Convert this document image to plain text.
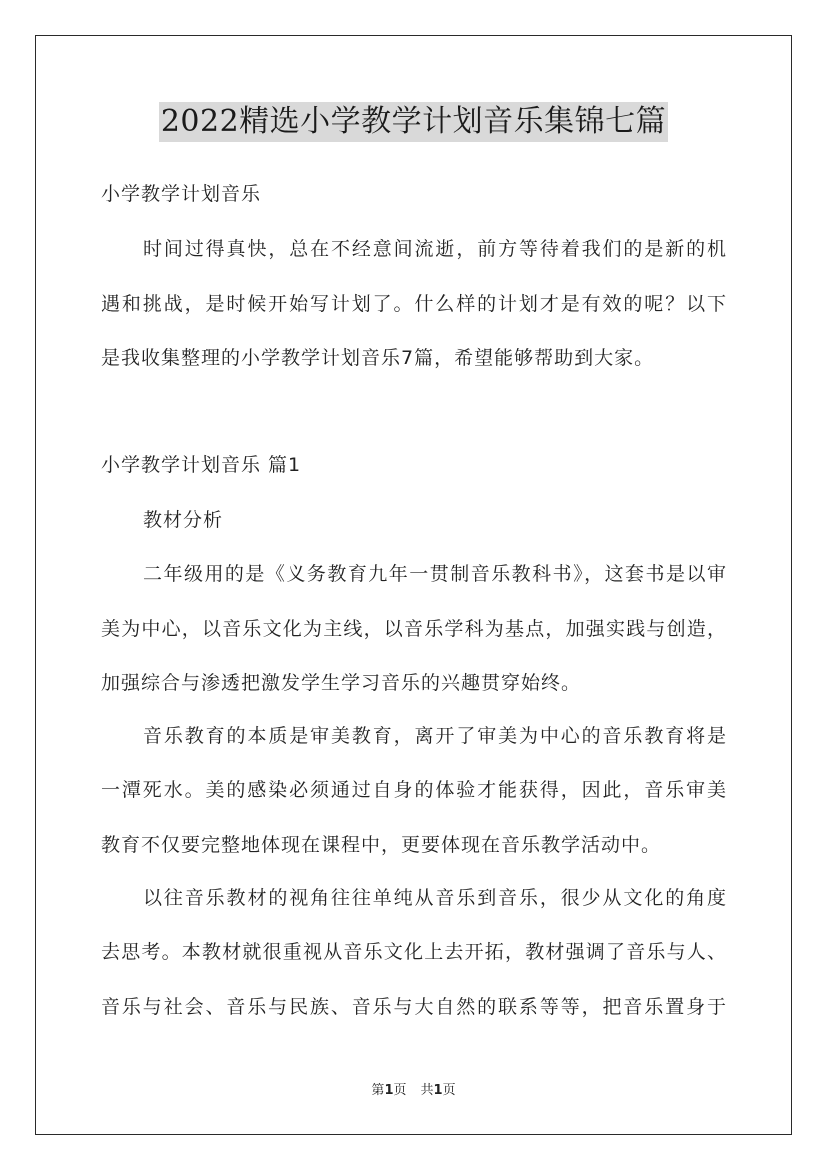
2022精选小学教学计划音乐集锦七篇
小学教学计划音乐
时间过得真快，总在不经意间流逝，前方等待着我们的是新的机
遇和挑战，是时候开始写计划了。什么样的计划才是有效的呢？以下
是我收集整理的小学教学计划音乐7篇，希望能够帮助到大家。
小学教学计划音乐 篇1
教材分析
二年级用的是《义务教育九年一贯制音乐教科书》，这套书是以审
美为中心，以音乐文化为主线，以音乐学科为基点，加强实践与创造，
加强综合与渗透把激发学生学习音乐的兴趣贯穿始终。
音乐教育的本质是审美教育，离开了审美为中心的音乐教育将是
一潭死水。美的感染必须通过自身的体验才能获得，因此，音乐审美
教育不仅要完整地体现在课程中，更要体现在音乐教学活动中。
以往音乐教材的视角往往单纯从音乐到音乐，很少从文化的角度
去思考。本教材就很重视从音乐文化上去开拓，教材强调了音乐与人、
音乐与社会、音乐与民族、音乐与大自然的联系等等，把音乐置身于
第1页 共1页
